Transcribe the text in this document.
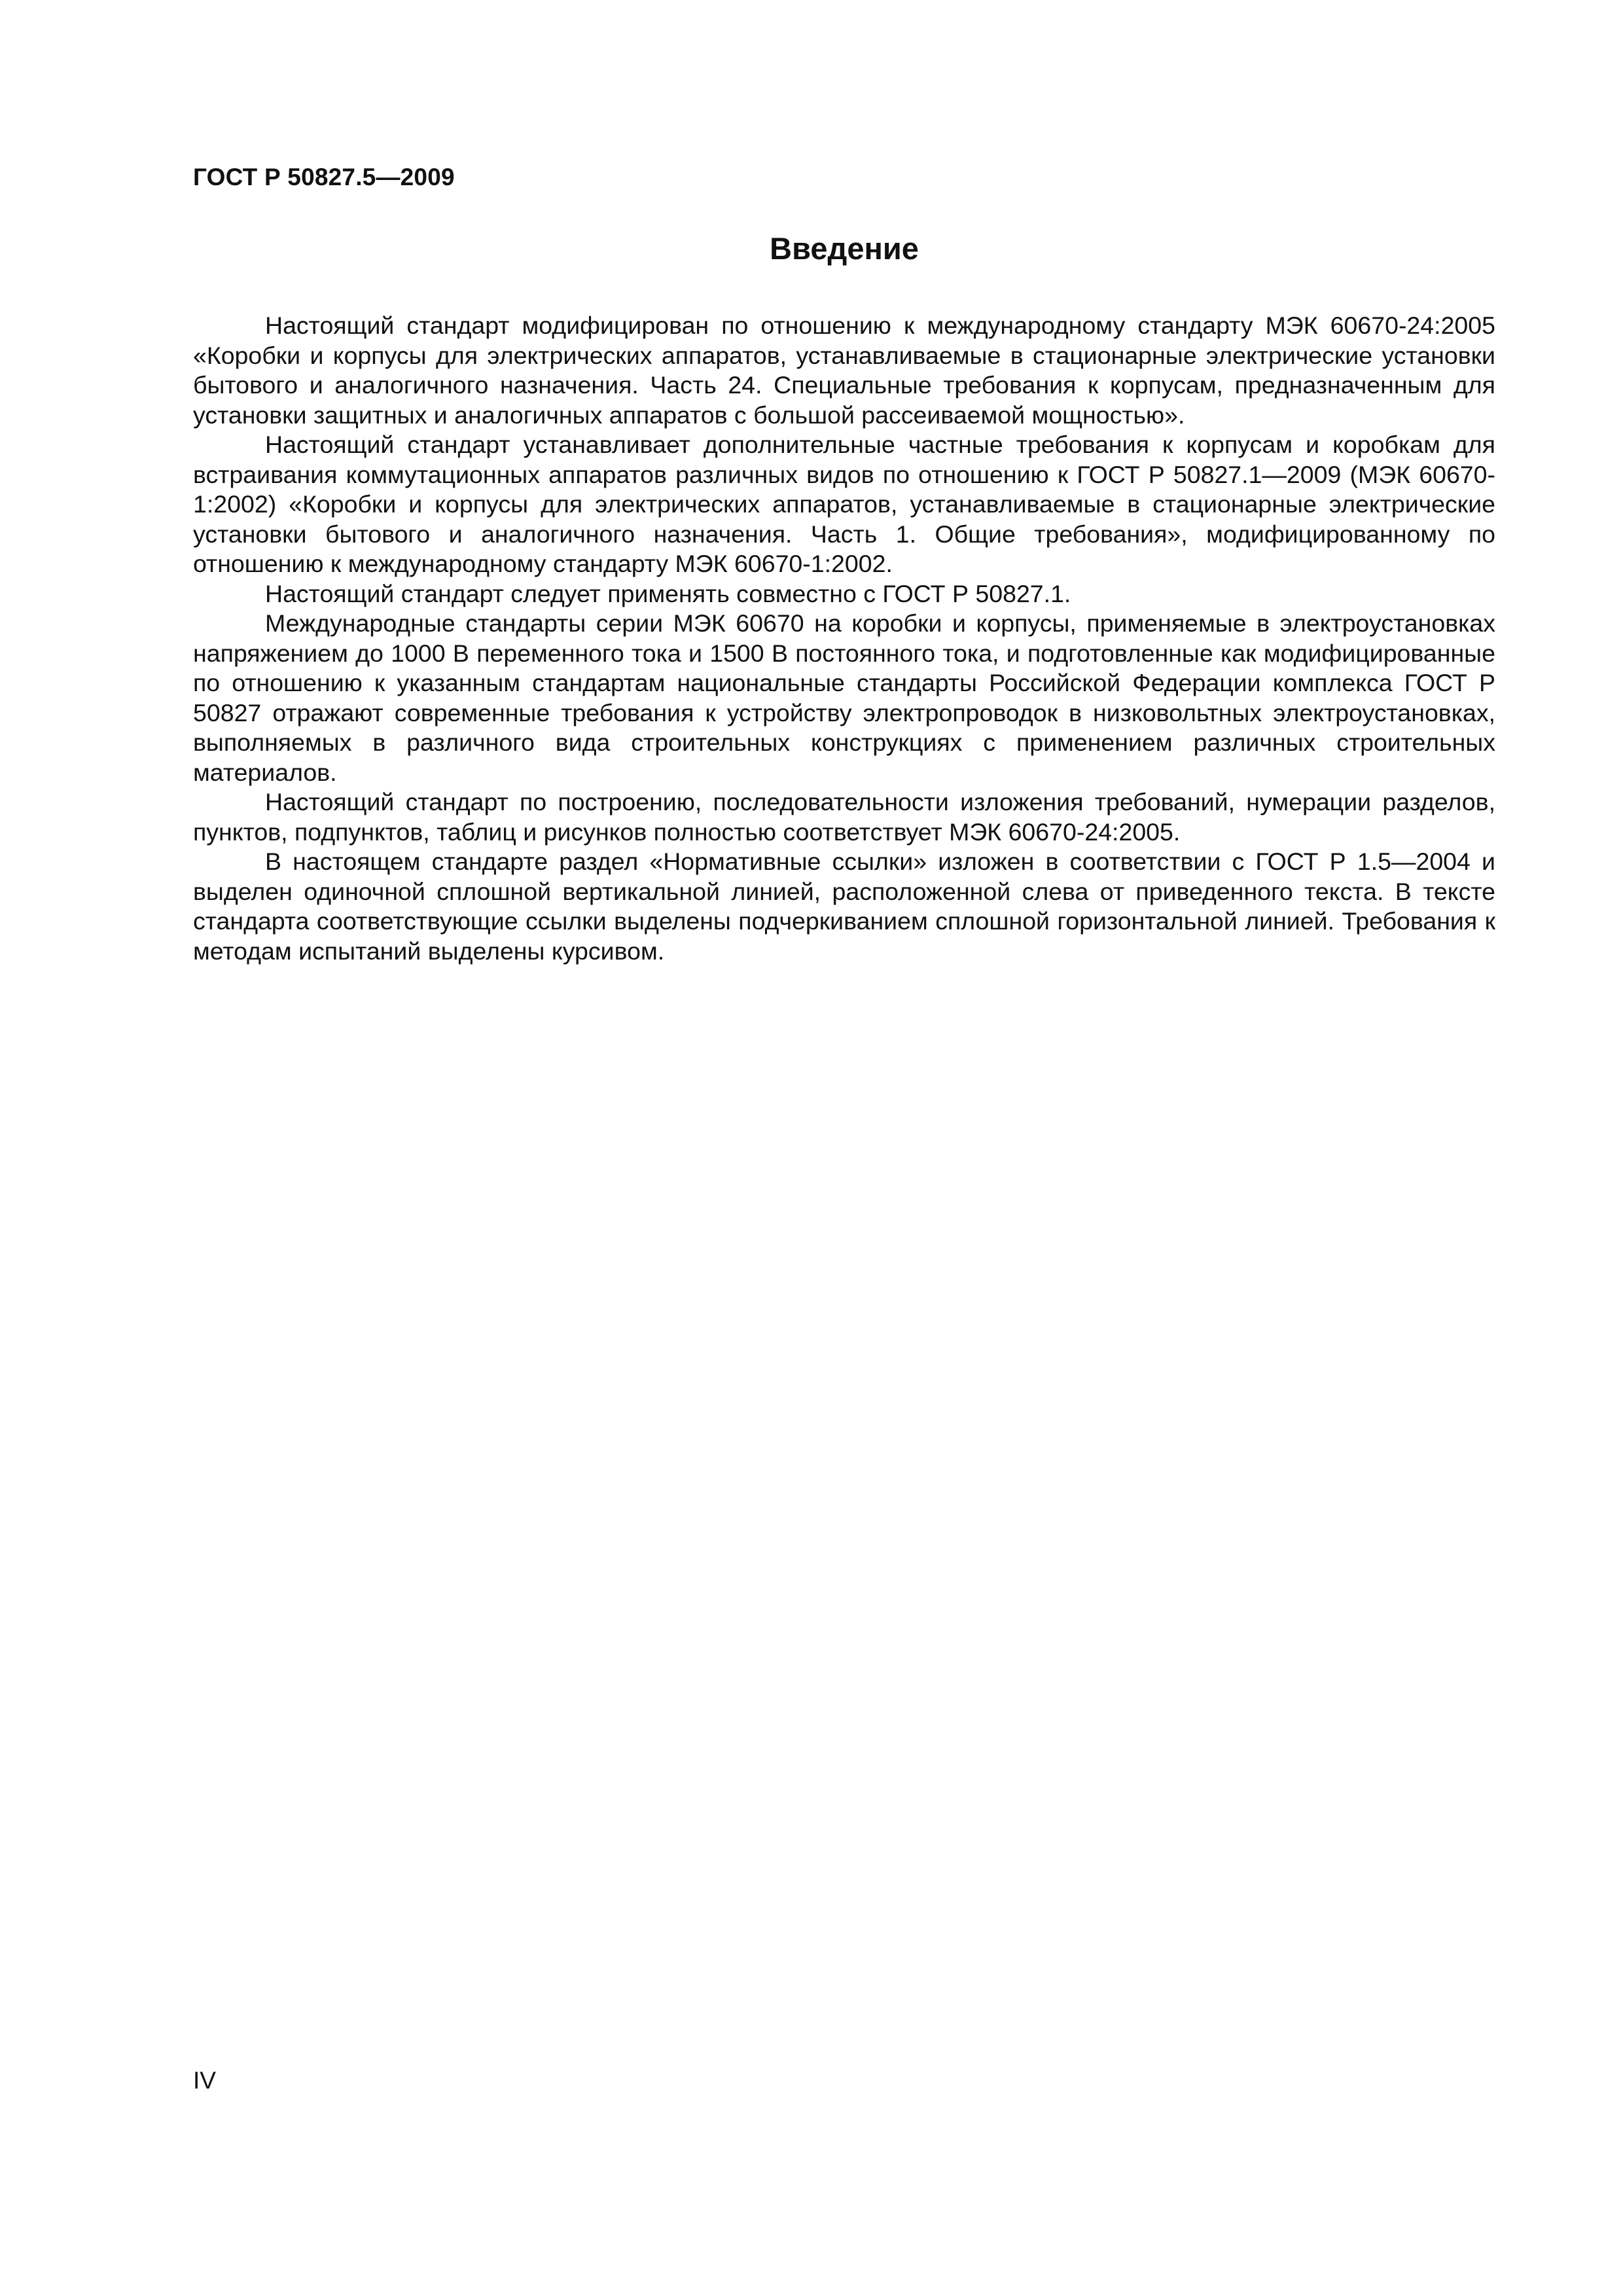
ГОСТ Р 50827.5—2009
Введение

Настоящий стандарт модифицирован по отношению к международному стандарту МЭК 60670-24:2005 «Коробки и корпусы для электрических аппаратов, устанавливаемые в стационарные электрические установки бытового и аналогичного назначения. Часть 24. Специальные требования к корпусам, предназначенным для установки защитных и аналогичных аппаратов с большой рассеиваемой мощностью».

Настоящий стандарт устанавливает дополнительные частные требования к корпусам и коробкам для встраивания коммутационных аппаратов различных видов по отношению к ГОСТ Р 50827.1—2009 (МЭК 60670-1:2002) «Коробки и корпусы для электрических аппаратов, устанавливаемые в стационарные электрические установки бытового и аналогичного назначения. Часть 1. Общие требования», модифицированному по отношению к международному стандарту МЭК 60670-1:2002.

Настоящий стандарт следует применять совместно с ГОСТ Р 50827.1.

Международные стандарты серии МЭК 60670 на коробки и корпусы, применяемые в электроустановках напряжением до 1000 В переменного тока и 1500 В постоянного тока, и подготовленные как модифицированные по отношению к указанным стандартам национальные стандарты Российской Федерации комплекса ГОСТ Р 50827 отражают современные требования к устройству электропроводок в низковольтных электроустановках, выполняемых в различного вида строительных конструкциях с применением различных строительных материалов.

Настоящий стандарт по построению, последовательности изложения требований, нумерации разделов, пунктов, подпунктов, таблиц и рисунков полностью соответствует МЭК 60670-24:2005.

В настоящем стандарте раздел «Нормативные ссылки» изложен в соответствии с ГОСТ Р 1.5—2004 и выделен одиночной сплошной вертикальной линией, расположенной слева от приведенного текста. В тексте стандарта соответствующие ссылки выделены подчеркиванием сплошной горизонтальной линией. Требования к методам испытаний выделены курсивом.

IV
